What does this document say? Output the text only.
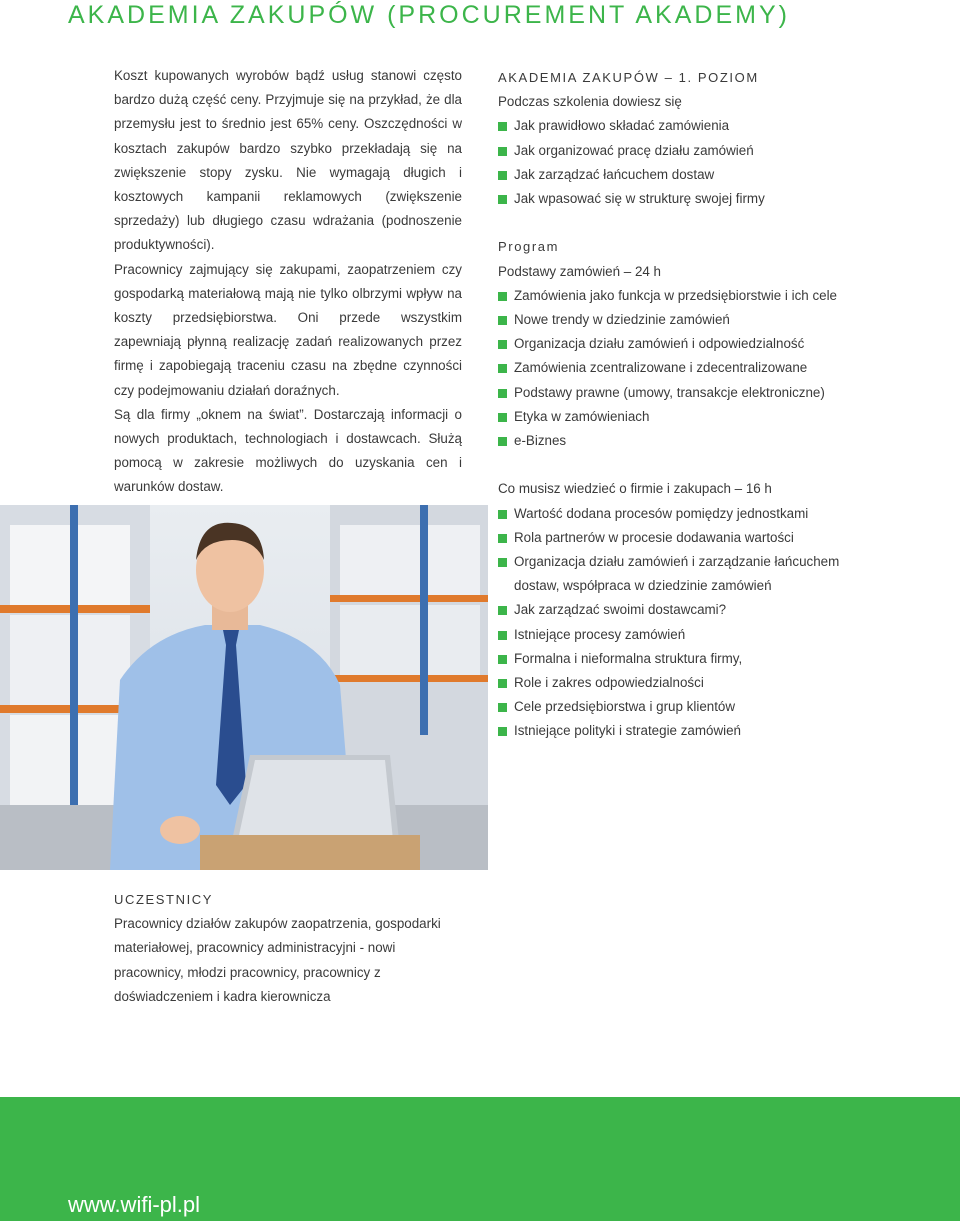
AKADEMIA ZAKUPÓW (PROCUREMENT AKADEMY)

Koszt kupowanych wyrobów bądź usług stanowi często bardzo dużą część ceny. Przyjmuje się na przykład, że dla przemysłu jest to średnio jest 65% ceny. Oszczędności w kosztach zakupów bardzo szybko przekładają się na zwiększenie stopy zysku. Nie wymagają długich i kosztowych kampanii reklamowych (zwiększenie sprzedaży) lub długiego czasu wdrażania (podnoszenie produktywności).

Pracownicy zajmujący się zakupami, zaopatrzeniem czy gospodarką materiałową mają nie tylko olbrzymi wpływ na koszty przedsiębiorstwa. Oni przede wszystkim zapewniają płynną realizację zadań realizowanych przez firmę i zapobiegają traceniu czasu na zbędne czynności czy podejmowaniu działań doraźnych.

Są dla firmy „oknem na świat”. Dostarczają informacji o nowych produktach, technologiach i dostawcach. Służą pomocą w zakresie możliwych do uzyskania cen i warunków dostaw.

AKADEMIA ZAKUPÓW – 1. POZIOM
Podczas szkolenia dowiesz się
Jak prawidłowo składać zamówienia
Jak organizować pracę działu zamówień
Jak zarządzać łańcuchem dostaw
Jak wpasować się w strukturę swojej firmy
Program
Podstawy zamówień – 24 h
Zamówienia jako funkcja w przedsiębiorstwie i ich cele
Nowe trendy w dziedzinie zamówień
Organizacja działu zamówień i odpowiedzialność
Zamówienia zcentralizowane i zdecentralizowane
Podstawy prawne (umowy, transakcje elektroniczne)
Etyka w zamówieniach
e-Biznes
Co musisz wiedzieć o firmie i zakupach – 16 h
Wartość dodana procesów pomiędzy jednostkami
Rola partnerów w procesie dodawania wartości
Organizacja działu zamówień i zarządzanie łańcuchem dostaw, współpraca w dziedzinie zamówień
Jak zarządzać swoimi dostawcami?
Istniejące procesy zamówień
Formalna i nieformalna struktura firmy,
Role i zakres odpowiedzialności
Cele przedsiębiorstwa i grup klientów
Istniejące polityki i strategie zamówień
UCZESTNICY

Pracownicy działów zakupów zaopatrzenia, gospodarki materiałowej, pracownicy administracyjni - nowi pracownicy, młodzi pracownicy, pracownicy z doświadczeniem i kadra kierownicza

www.wifi-pl.pl
